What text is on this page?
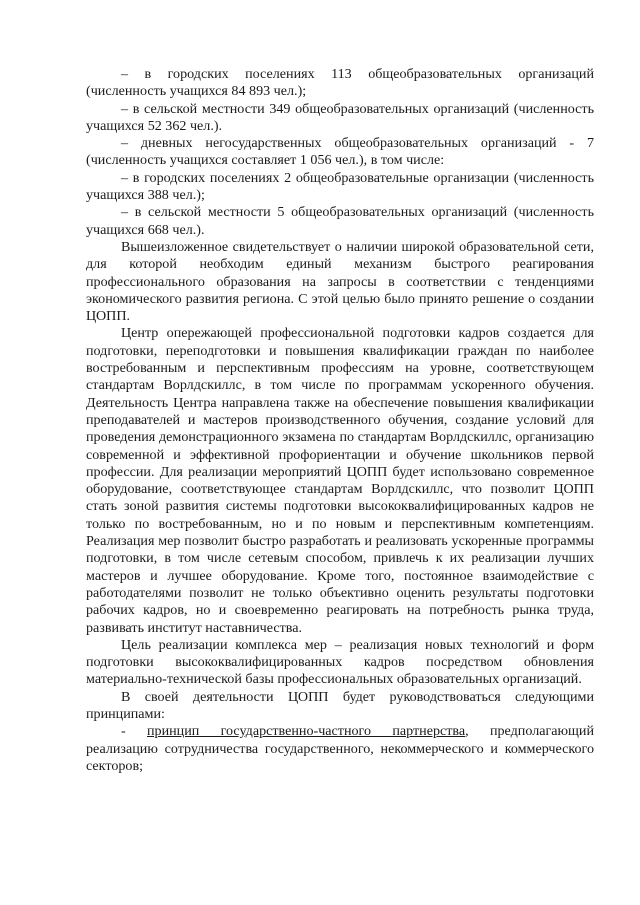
– в городских поселениях 113 общеобразовательных организаций (численность учащихся 84 893 чел.);

– в сельской местности 349 общеобразовательных организаций (численность учащихся 52 362 чел.).

– дневных негосударственных общеобразовательных организаций - 7 (численность учащихся составляет 1 056 чел.), в том числе:

– в городских поселениях 2 общеобразовательные организации (численность учащихся 388 чел.);

– в сельской местности 5 общеобразовательных организаций (численность учащихся 668 чел.).

Вышеизложенное свидетельствует о наличии широкой образовательной сети, для которой необходим единый механизм быстрого реагирования профессионального образования на запросы в соответствии с тенденциями экономического развития региона. С этой целью было принято решение о создании ЦОПП.

Центр опережающей профессиональной подготовки кадров создается для подготовки, переподготовки и повышения квалификации граждан по наиболее востребованным и перспективным профессиям на уровне, соответствующем стандартам Ворлдскиллс, в том числе по программам ускоренного обучения. Деятельность Центра направлена также на обеспечение повышения квалификации преподавателей и мастеров производственного обучения, создание условий для проведения демонстрационного экзамена по стандартам Ворлдскиллс, организацию современной и эффективной профориентации и обучение школьников первой профессии. Для реализации мероприятий ЦОПП будет использовано современное оборудование, соответствующее стандартам Ворлдскиллс, что позволит ЦОПП стать зоной развития системы подготовки высококвалифицированных кадров не только по востребованным, но и по новым и перспективным компетенциям. Реализация мер позволит быстро разработать и реализовать ускоренные программы подготовки, в том числе сетевым способом, привлечь к их реализации лучших мастеров и лучшее оборудование. Кроме того, постоянное взаимодействие с работодателями позволит не только объективно оценить результаты подготовки рабочих кадров, но и своевременно реагировать на потребность рынка труда, развивать институт наставничества.

Цель реализации комплекса мер – реализация новых технологий и форм подготовки высококвалифицированных кадров посредством обновления материально-технической базы профессиональных образовательных организаций.

В своей деятельности ЦОПП будет руководствоваться следующими принципами:

- принцип государственно-частного партнерства, предполагающий реализацию сотрудничества государственного, некоммерческого и коммерческого секторов;
